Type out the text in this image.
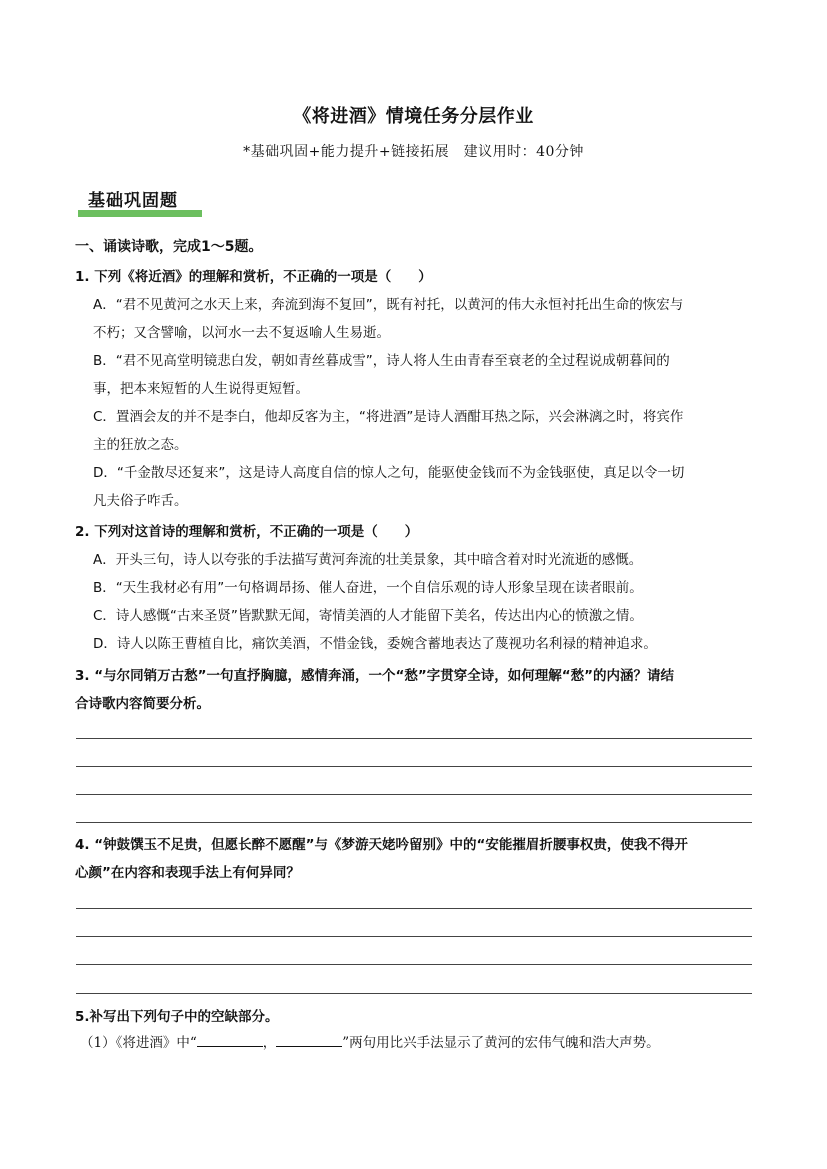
《将进酒》情境任务分层作业
*基础巩固+能力提升+链接拓展　建议用时：40分钟
基础巩固题
一、诵读诗歌，完成1～5题。
1. 下列《将近酒》的理解和赏析，不正确的一项是（　　）
A．“君不见黄河之水天上来，奔流到海不复回”，既有衬托，以黄河的伟大永恒衬托出生命的恢宏与
不朽；又含譬喻，以河水一去不复返喻人生易逝。
B．“君不见高堂明镜悲白发，朝如青丝暮成雪”，诗人将人生由青春至衰老的全过程说成朝暮间的
事，把本来短暂的人生说得更短暂。
C．置酒会友的并不是李白，他却反客为主，“将进酒”是诗人酒酣耳热之际，兴会淋漓之时，将宾作
主的狂放之态。
D．“千金散尽还复来”，这是诗人高度自信的惊人之句，能驱使金钱而不为金钱驱使，真足以令一切
凡夫俗子咋舌。
2. 下列对这首诗的理解和赏析，不正确的一项是（　　）
A．开头三句，诗人以夸张的手法描写黄河奔流的壮美景象，其中暗含着对时光流逝的感慨。
B．“天生我材必有用”一句格调昂扬、催人奋进，一个自信乐观的诗人形象呈现在读者眼前。
C．诗人感慨“古来圣贤”皆默默无闻，寄情美酒的人才能留下美名，传达出内心的愤激之情。
D．诗人以陈王曹植自比，痛饮美酒，不惜金钱，委婉含蓄地表达了蔑视功名利禄的精神追求。
3. “与尔同销万古愁”一句直抒胸臆，感情奔涌，一个“愁”字贯穿全诗，如何理解“愁”的内涵？请结
合诗歌内容简要分析。
4. “钟鼓馔玉不足贵，但愿长醉不愿醒”与《梦游天姥吟留别》中的“安能摧眉折腰事权贵，使我不得开
心颜”在内容和表现手法上有何异同？
5.补写出下列句子中的空缺部分。
（1）《将进酒》中“	，	”两句用比兴手法显示了黄河的宏伟气魄和浩大声势。
